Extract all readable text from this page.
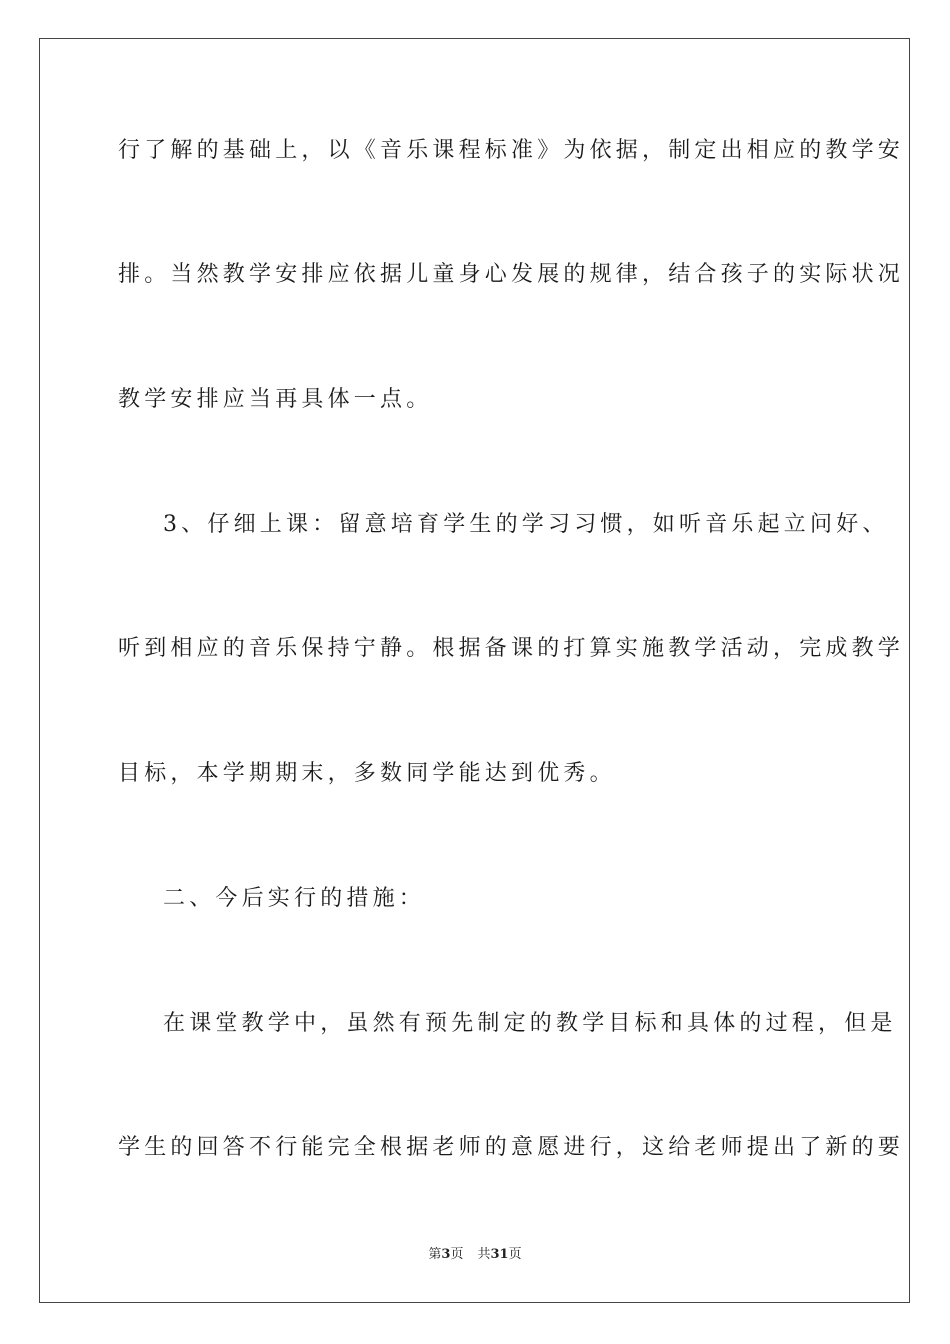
行了解的基础上，以《音乐课程标准》为依据，制定出相应的教学安
排。当然教学安排应依据儿童身心发展的规律，结合孩子的实际状况
教学安排应当再具体一点。
3、仔细上课：留意培育学生的学习习惯，如听音乐起立问好、
听到相应的音乐保持宁静。根据备课的打算实施教学活动，完成教学
目标，本学期期末，多数同学能达到优秀。
二、今后实行的措施：
在课堂教学中，虽然有预先制定的教学目标和具体的过程，但是
学生的回答不行能完全根据老师的意愿进行，这给老师提出了新的要
第3页 共31页
